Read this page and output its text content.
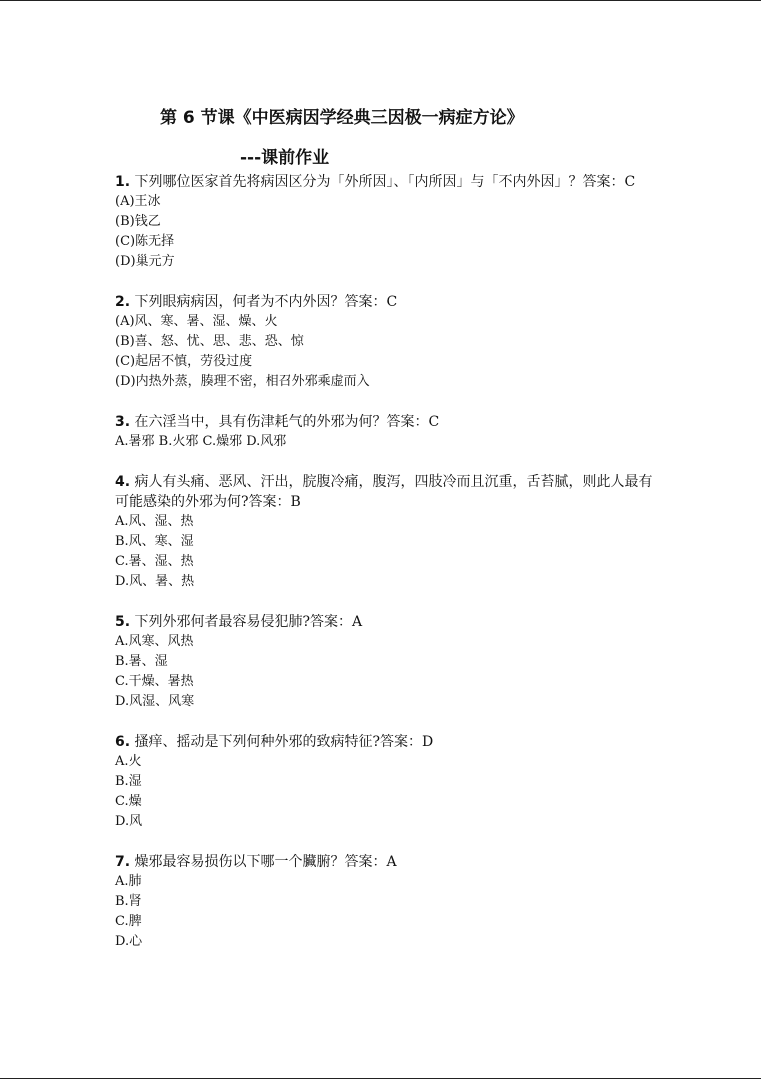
第 6 节课《中医病因学经典三因极一病症方论》
---课前作业
1. 下列哪位医家首先将病因区分为「外所因」、「内所因」与「不内外因」？答案：C
(A)王冰
(B)钱乙
(C)陈无择
(D)巢元方
2. 下列眼病病因，何者为不内外因？答案：C
(A)风、寒、暑、湿、燥、火
(B)喜、怒、忧、思、悲、恐、惊
(C)起居不慎，劳役过度
(D)内热外蒸，腠理不密，相召外邪乘虚而入
3. 在六淫当中，具有伤津耗气的外邪为何？答案：C
A.暑邪 B.火邪 C.燥邪 D.风邪
4. 病人有头痛、恶风、汗出，脘腹冷痛，腹泻，四肢冷而且沉重，舌苔腻，则此人最有可能感染的外邪为何?答案：B
A.风、湿、热
B.风、寒、湿
C.暑、湿、热
D.风、暑、热
5. 下列外邪何者最容易侵犯肺?答案：A
A.风寒、风热
B.暑、湿
C.干燥、暑热
D.风湿、风寒
6. 搔痒、摇动是下列何种外邪的致病特征?答案：D
A.火
B.湿
C.燥
D.风
7. 燥邪最容易损伤以下哪一个臟腑？答案：A
A.肺
B.肾
C.脾
D.心
